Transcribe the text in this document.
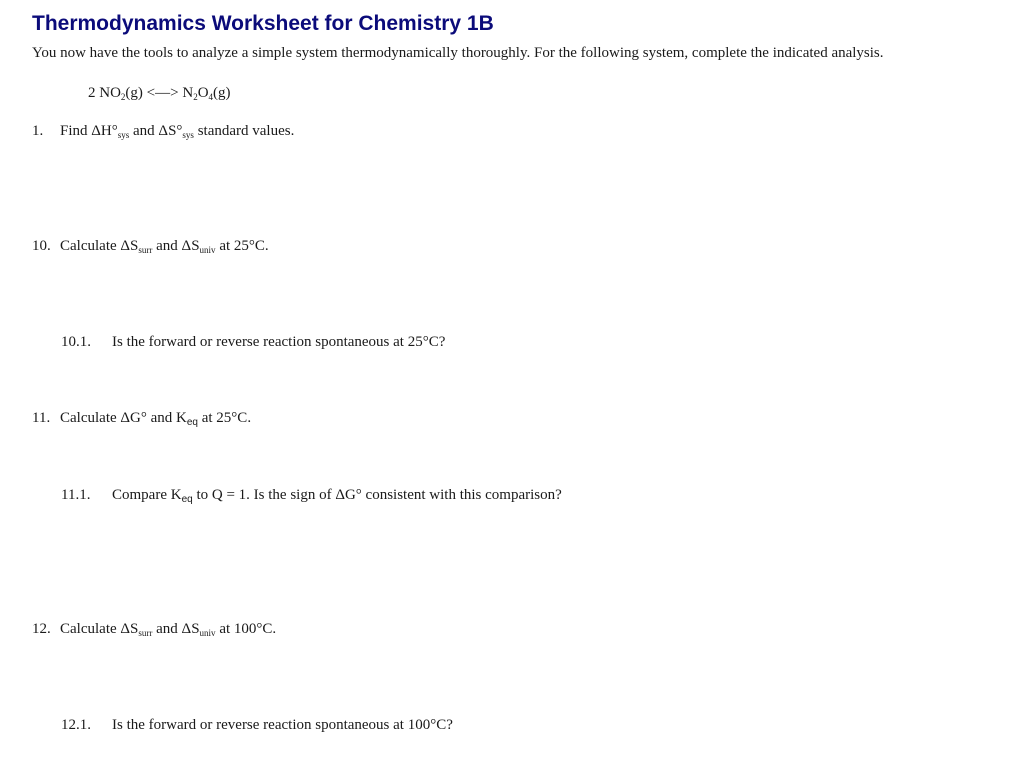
Thermodynamics Worksheet for Chemistry 1B
You now have the tools to analyze a simple system thermodynamically thoroughly. For the following system, complete the indicated analysis.
2 $NO_2(g)$ <—> $N_2O_4(g)$
1. Find $\Delta H^\circ_{sys}$ and $\Delta S^\circ_{sys}$ standard values.
10. Calculate $\Delta S_{surr}$ and $\Delta S_{univ}$ at 25°C.
10.1. Is the forward or reverse reaction spontaneous at 25°C?
11. Calculate ΔG° and $K_{eq}$ at 25°C.
11.1. Compare $K_{eq}$ to Q = 1. Is the sign of ΔG° consistent with this comparison?
12. Calculate $\Delta S_{surr}$ and $\Delta S_{univ}$ at 100°C.
12.1. Is the forward or reverse reaction spontaneous at 100°C?
